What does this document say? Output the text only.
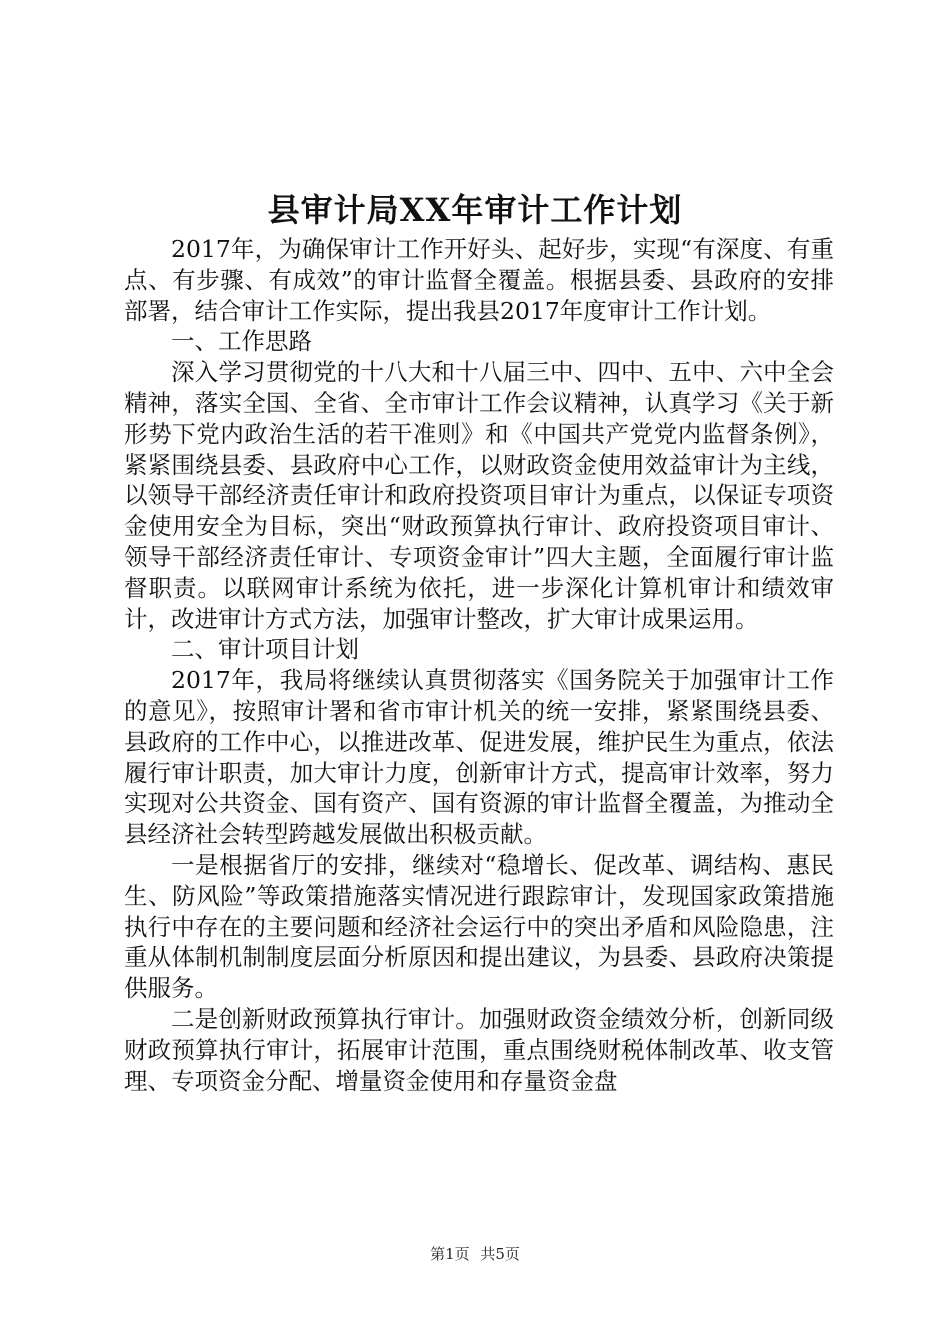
县审计局XX年审计工作计划

2017年，为确保审计工作开好头、起好步，实现“有深度、有重点、有步骤、有成效”的审计监督全覆盖。根据县委、县政府的安排部署，结合审计工作实际，提出我县2017年度审计工作计划。

一、工作思路

深入学习贯彻党的十八大和十八届三中、四中、五中、六中全会精神，落实全国、全省、全市审计工作会议精神，认真学习《关于新形势下党内政治生活的若干准则》和《中国共产党党内监督条例》，紧紧围绕县委、县政府中心工作，以财政资金使用效益审计为主线，以领导干部经济责任审计和政府投资项目审计为重点，以保证专项资金使用安全为目标，突出“财政预算执行审计、政府投资项目审计、领导干部经济责任审计、专项资金审计”四大主题，全面履行审计监督职责。以联网审计系统为依托，进一步深化计算机审计和绩效审计，改进审计方式方法，加强审计整改，扩大审计成果运用。

二、审计项目计划

2017年，我局将继续认真贯彻落实《国务院关于加强审计工作的意见》，按照审计署和省市审计机关的统一安排，紧紧围绕县委、县政府的工作中心，以推进改革、促进发展，维护民生为重点，依法履行审计职责，加大审计力度，创新审计方式，提高审计效率，努力实现对公共资金、国有资产、国有资源的审计监督全覆盖，为推动全县经济社会转型跨越发展做出积极贡献。

一是根据省厅的安排，继续对“稳增长、促改革、调结构、惠民生、防风险”等政策措施落实情况进行跟踪审计，发现国家政策措施执行中存在的主要问题和经济社会运行中的突出矛盾和风险隐患，注重从体制机制制度层面分析原因和提出建议，为县委、县政府决策提供服务。

二是创新财政预算执行审计。加强财政资金绩效分析，创新同级财政预算执行审计，拓展审计范围，重点围绕财税体制改革、收支管理、专项资金分配、增量资金使用和存量资金盘

第1页 共5页
